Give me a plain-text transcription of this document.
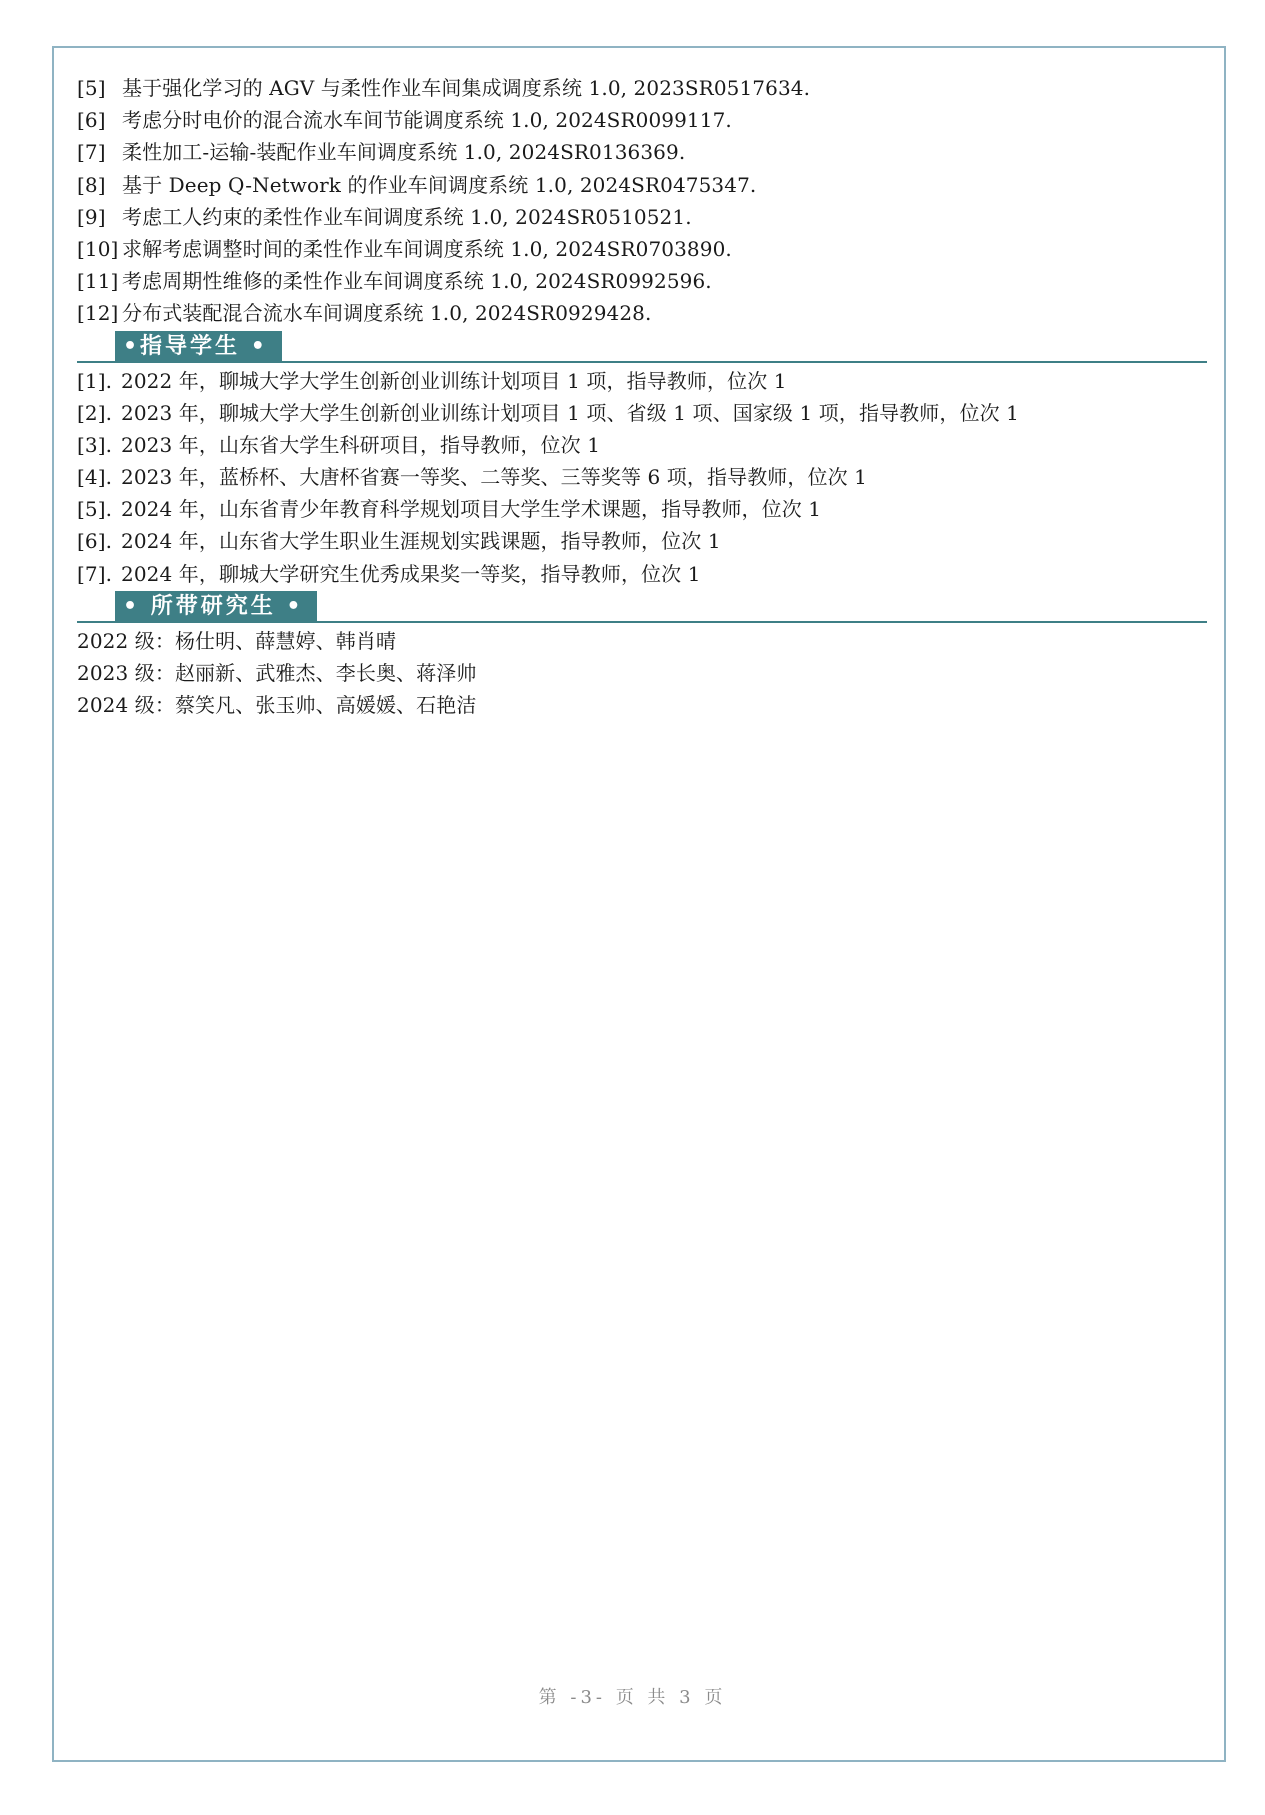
[5] 基于强化学习的 AGV 与柔性作业车间集成调度系统 1.0, 2023SR0517634.
[6] 考虑分时电价的混合流水车间节能调度系统 1.0, 2024SR0099117.
[7] 柔性加工-运输-装配作业车间调度系统 1.0, 2024SR0136369.
[8] 基于 Deep Q-Network 的作业车间调度系统 1.0, 2024SR0475347.
[9] 考虑工人约束的柔性作业车间调度系统 1.0, 2024SR0510521.
[10] 求解考虑调整时间的柔性作业车间调度系统 1.0, 2024SR0703890.
[11] 考虑周期性维修的柔性作业车间调度系统 1.0, 2024SR0992596.
[12] 分布式装配混合流水车间调度系统 1.0, 2024SR0929428.
•指导学生 •
[1]. 2022 年，聊城大学大学生创新创业训练计划项目 1 项，指导教师，位次 1
[2]. 2023 年，聊城大学大学生创新创业训练计划项目 1 项、省级 1 项、国家级 1 项，指导教师，位次 1
[3]. 2023 年，山东省大学生科研项目，指导教师，位次 1
[4]. 2023 年，蓝桥杯、大唐杯省赛一等奖、二等奖、三等奖等 6 项，指导教师，位次 1
[5]. 2024 年，山东省青少年教育科学规划项目大学生学术课题，指导教师，位次 1
[6]. 2024 年，山东省大学生职业生涯规划实践课题，指导教师，位次 1
[7]. 2024 年，聊城大学研究生优秀成果奖一等奖，指导教师，位次 1
• 所带研究生 •
2022 级：杨仕明、薛慧婷、韩肖晴
2023 级：赵丽新、武雅杰、李长奥、蒋泽帅
2024 级：蔡笑凡、张玉帅、高媛媛、石艳洁
第 -3- 页 共 3 页
